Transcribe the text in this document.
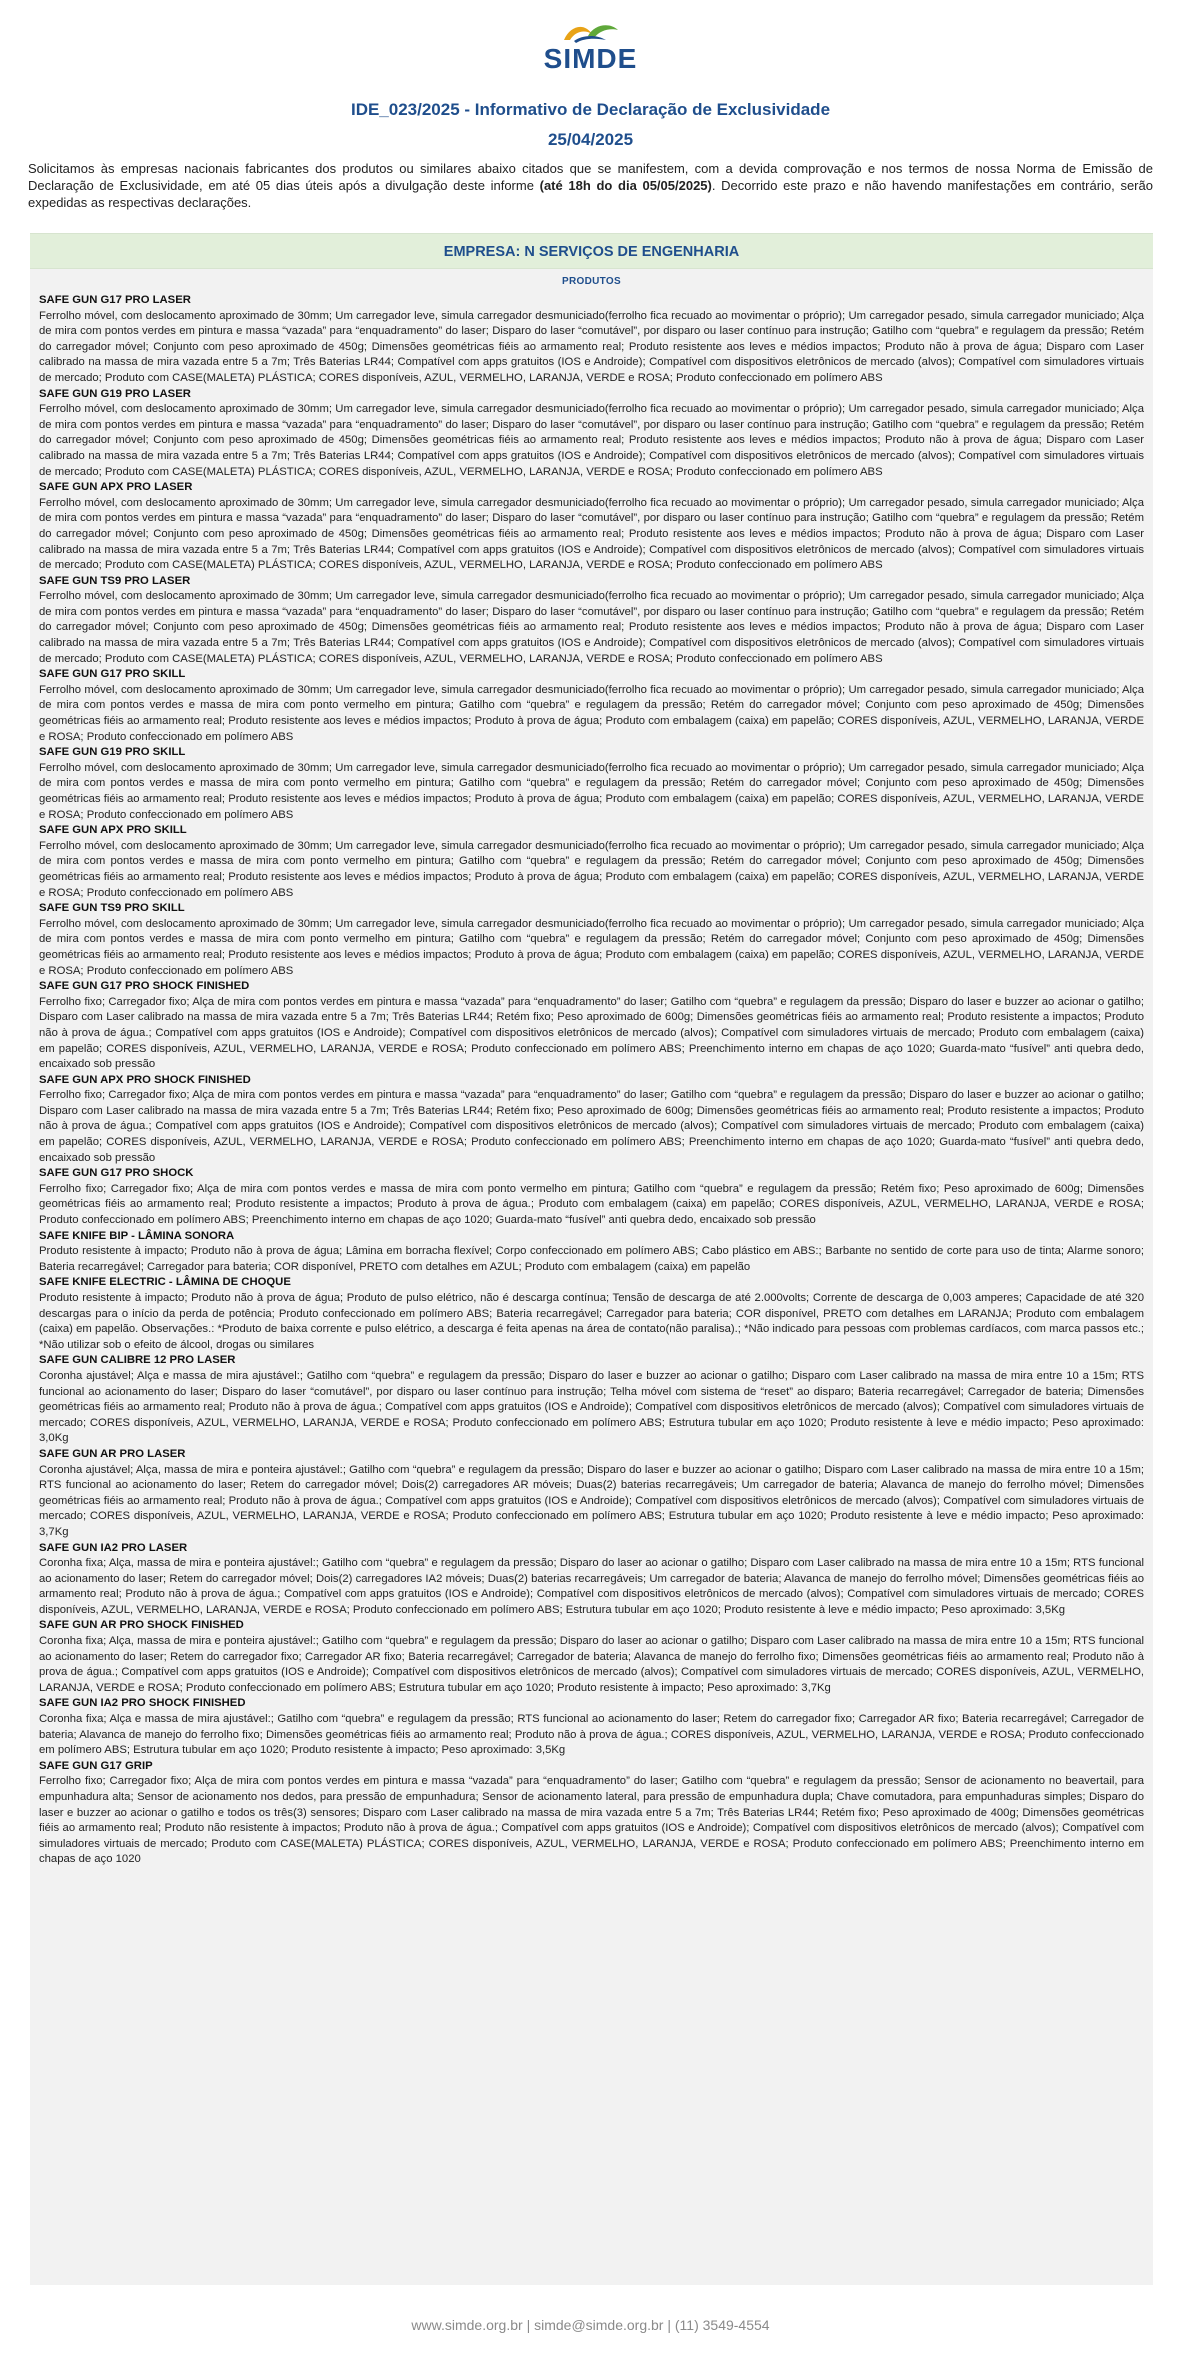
SIMDE
IDE_023/2025 - Informativo de Declaração de Exclusividade
25/04/2025
Solicitamos às empresas nacionais fabricantes dos produtos ou similares abaixo citados que se manifestem, com a devida comprovação e nos termos de nossa Norma de Emissão de Declaração de Exclusividade, em até 05 dias úteis após a divulgação deste informe (até 18h do dia 05/05/2025). Decorrido este prazo e não havendo manifestações em contrário, serão expedidas as respectivas declarações.
EMPRESA: N SERVIÇOS DE ENGENHARIA
PRODUTOS
SAFE GUN G17 PRO LASER
Ferrolho móvel, com deslocamento aproximado de 30mm; Um carregador leve, simula carregador desmuniciado(ferrolho fica recuado ao movimentar o próprio); Um carregador pesado, simula carregador municiado; Alça de mira com pontos verdes em pintura e massa “vazada” para “enquadramento” do laser; Disparo do laser “comutável”, por disparo ou laser contínuo para instrução; Gatilho com “quebra” e regulagem da pressão; Retém do carregador móvel; Conjunto com peso aproximado de 450g; Dimensões geométricas fiéis ao armamento real; Produto resistente aos leves e médios impactos; Produto não à prova de água; Disparo com Laser calibrado na massa de mira vazada entre 5 a 7m; Três Baterias LR44; Compatível com apps gratuitos (IOS e Androide); Compatível com dispositivos eletrônicos de mercado (alvos); Compatível com simuladores virtuais de mercado; Produto com CASE(MALETA) PLÁSTICA; CORES disponíveis, AZUL, VERMELHO, LARANJA, VERDE e ROSA; Produto confeccionado em polímero ABS
SAFE GUN G19 PRO LASER
Ferrolho móvel, com deslocamento aproximado de 30mm; Um carregador leve, simula carregador desmuniciado(ferrolho fica recuado ao movimentar o próprio); Um carregador pesado, simula carregador municiado; Alça de mira com pontos verdes em pintura e massa “vazada” para “enquadramento” do laser; Disparo do laser “comutável”, por disparo ou laser contínuo para instrução; Gatilho com “quebra” e regulagem da pressão; Retém do carregador móvel; Conjunto com peso aproximado de 450g; Dimensões geométricas fiéis ao armamento real; Produto resistente aos leves e médios impactos; Produto não à prova de água; Disparo com Laser calibrado na massa de mira vazada entre 5 a 7m; Três Baterias LR44; Compatível com apps gratuitos (IOS e Androide); Compatível com dispositivos eletrônicos de mercado (alvos); Compatível com simuladores virtuais de mercado; Produto com CASE(MALETA) PLÁSTICA; CORES disponíveis, AZUL, VERMELHO, LARANJA, VERDE e ROSA; Produto confeccionado em polímero ABS
SAFE GUN APX PRO LASER
Ferrolho móvel, com deslocamento aproximado de 30mm; Um carregador leve, simula carregador desmuniciado(ferrolho fica recuado ao movimentar o próprio); Um carregador pesado, simula carregador municiado; Alça de mira com pontos verdes em pintura e massa “vazada” para “enquadramento” do laser; Disparo do laser “comutável”, por disparo ou laser contínuo para instrução; Gatilho com “quebra” e regulagem da pressão; Retém do carregador móvel; Conjunto com peso aproximado de 450g; Dimensões geométricas fiéis ao armamento real; Produto resistente aos leves e médios impactos; Produto não à prova de água; Disparo com Laser calibrado na massa de mira vazada entre 5 a 7m; Três Baterias LR44; Compatível com apps gratuitos (IOS e Androide); Compatível com dispositivos eletrônicos de mercado (alvos); Compatível com simuladores virtuais de mercado; Produto com CASE(MALETA) PLÁSTICA; CORES disponíveis, AZUL, VERMELHO, LARANJA, VERDE e ROSA; Produto confeccionado em polímero ABS
SAFE GUN TS9 PRO LASER
Ferrolho móvel, com deslocamento aproximado de 30mm; Um carregador leve, simula carregador desmuniciado(ferrolho fica recuado ao movimentar o próprio); Um carregador pesado, simula carregador municiado; Alça de mira com pontos verdes em pintura e massa “vazada” para “enquadramento” do laser; Disparo do laser “comutável”, por disparo ou laser contínuo para instrução; Gatilho com “quebra” e regulagem da pressão; Retém do carregador móvel; Conjunto com peso aproximado de 450g; Dimensões geométricas fiéis ao armamento real; Produto resistente aos leves e médios impactos; Produto não à prova de água; Disparo com Laser calibrado na massa de mira vazada entre 5 a 7m; Três Baterias LR44; Compatível com apps gratuitos (IOS e Androide); Compatível com dispositivos eletrônicos de mercado (alvos); Compatível com simuladores virtuais de mercado; Produto com CASE(MALETA) PLÁSTICA; CORES disponíveis, AZUL, VERMELHO, LARANJA, VERDE e ROSA; Produto confeccionado em polímero ABS
SAFE GUN G17 PRO SKILL
Ferrolho móvel, com deslocamento aproximado de 30mm; Um carregador leve, simula carregador desmuniciado(ferrolho fica recuado ao movimentar o próprio); Um carregador pesado, simula carregador municiado; Alça de mira com pontos verdes e massa de mira com ponto vermelho em pintura; Gatilho com “quebra” e regulagem da pressão; Retém do carregador móvel; Conjunto com peso aproximado de 450g; Dimensões geométricas fiéis ao armamento real; Produto resistente aos leves e médios impactos; Produto à prova de água; Produto com embalagem (caixa) em papelão; CORES disponíveis, AZUL, VERMELHO, LARANJA, VERDE e ROSA; Produto confeccionado em polímero ABS
SAFE GUN G19 PRO SKILL
Ferrolho móvel, com deslocamento aproximado de 30mm; Um carregador leve, simula carregador desmuniciado(ferrolho fica recuado ao movimentar o próprio); Um carregador pesado, simula carregador municiado; Alça de mira com pontos verdes e massa de mira com ponto vermelho em pintura; Gatilho com “quebra” e regulagem da pressão; Retém do carregador móvel; Conjunto com peso aproximado de 450g; Dimensões geométricas fiéis ao armamento real; Produto resistente aos leves e médios impactos; Produto à prova de água; Produto com embalagem (caixa) em papelão; CORES disponíveis, AZUL, VERMELHO, LARANJA, VERDE e ROSA; Produto confeccionado em polímero ABS
SAFE GUN APX PRO SKILL
Ferrolho móvel, com deslocamento aproximado de 30mm; Um carregador leve, simula carregador desmuniciado(ferrolho fica recuado ao movimentar o próprio); Um carregador pesado, simula carregador municiado; Alça de mira com pontos verdes e massa de mira com ponto vermelho em pintura; Gatilho com “quebra” e regulagem da pressão; Retém do carregador móvel; Conjunto com peso aproximado de 450g; Dimensões geométricas fiéis ao armamento real; Produto resistente aos leves e médios impactos; Produto à prova de água; Produto com embalagem (caixa) em papelão; CORES disponíveis, AZUL, VERMELHO, LARANJA, VERDE e ROSA; Produto confeccionado em polímero ABS
SAFE GUN TS9 PRO SKILL
Ferrolho móvel, com deslocamento aproximado de 30mm; Um carregador leve, simula carregador desmuniciado(ferrolho fica recuado ao movimentar o próprio); Um carregador pesado, simula carregador municiado; Alça de mira com pontos verdes e massa de mira com ponto vermelho em pintura; Gatilho com “quebra” e regulagem da pressão; Retém do carregador móvel; Conjunto com peso aproximado de 450g; Dimensões geométricas fiéis ao armamento real; Produto resistente aos leves e médios impactos; Produto à prova de água; Produto com embalagem (caixa) em papelão; CORES disponíveis, AZUL, VERMELHO, LARANJA, VERDE e ROSA; Produto confeccionado em polímero ABS
SAFE GUN G17 PRO SHOCK FINISHED
Ferrolho fixo; Carregador fixo; Alça de mira com pontos verdes em pintura e massa “vazada” para “enquadramento” do laser; Gatilho com “quebra” e regulagem da pressão; Disparo do laser e buzzer ao acionar o gatilho; Disparo com Laser calibrado na massa de mira vazada entre 5 a 7m; Três Baterias LR44; Retém fixo; Peso aproximado de 600g; Dimensões geométricas fiéis ao armamento real; Produto resistente a impactos; Produto não à prova de água.; Compatível com apps gratuitos (IOS e Androide); Compatível com dispositivos eletrônicos de mercado (alvos); Compatível com simuladores virtuais de mercado; Produto com embalagem (caixa) em papelão; CORES disponíveis, AZUL, VERMELHO, LARANJA, VERDE e ROSA; Produto confeccionado em polímero ABS; Preenchimento interno em chapas de aço 1020; Guarda-mato “fusível” anti quebra dedo, encaixado sob pressão
SAFE GUN APX PRO SHOCK FINISHED
Ferrolho fixo; Carregador fixo; Alça de mira com pontos verdes em pintura e massa “vazada” para “enquadramento” do laser; Gatilho com “quebra” e regulagem da pressão; Disparo do laser e buzzer ao acionar o gatilho; Disparo com Laser calibrado na massa de mira vazada entre 5 a 7m; Três Baterias LR44; Retém fixo; Peso aproximado de 600g; Dimensões geométricas fiéis ao armamento real; Produto resistente a impactos; Produto não à prova de água.; Compatível com apps gratuitos (IOS e Androide); Compatível com dispositivos eletrônicos de mercado (alvos); Compatível com simuladores virtuais de mercado; Produto com embalagem (caixa) em papelão; CORES disponíveis, AZUL, VERMELHO, LARANJA, VERDE e ROSA; Produto confeccionado em polímero ABS; Preenchimento interno em chapas de aço 1020; Guarda-mato “fusível” anti quebra dedo, encaixado sob pressão
SAFE GUN G17 PRO SHOCK
Ferrolho fixo; Carregador fixo; Alça de mira com pontos verdes e massa de mira com ponto vermelho em pintura; Gatilho com “quebra” e regulagem da pressão; Retém fixo; Peso aproximado de 600g; Dimensões geométricas fiéis ao armamento real; Produto resistente a impactos; Produto à prova de água.; Produto com embalagem (caixa) em papelão; CORES disponíveis, AZUL, VERMELHO, LARANJA, VERDE e ROSA; Produto confeccionado em polímero ABS; Preenchimento interno em chapas de aço 1020; Guarda-mato “fusível” anti quebra dedo, encaixado sob pressão
SAFE KNIFE BIP - LÂMINA SONORA
Produto resistente à impacto; Produto não à prova de água; Lâmina em borracha flexível; Corpo confeccionado em polímero ABS; Cabo plástico em ABS:; Barbante no sentido de corte para uso de tinta; Alarme sonoro; Bateria recarregável; Carregador para bateria; COR disponível, PRETO com detalhes em AZUL; Produto com embalagem (caixa) em papelão
SAFE KNIFE ELECTRIC - LÂMINA DE CHOQUE
Produto resistente à impacto; Produto não à prova de água; Produto de pulso elétrico, não é descarga contínua; Tensão de descarga de até 2.000volts; Corrente de descarga de 0,003 amperes; Capacidade de até 320 descargas para o início da perda de potência; Produto confeccionado em polímero ABS; Bateria recarregável; Carregador para bateria; COR disponível, PRETO com detalhes em LARANJA; Produto com embalagem (caixa) em papelão. Observações.: *Produto de baixa corrente e pulso elétrico, a descarga é feita apenas na área de contato(não paralisa).; *Não indicado para pessoas com problemas cardíacos, com marca passos etc.; *Não utilizar sob o efeito de álcool, drogas ou similares
SAFE GUN CALIBRE 12 PRO LASER
Coronha ajustável; Alça e massa de mira ajustável:; Gatilho com “quebra” e regulagem da pressão; Disparo do laser e buzzer ao acionar o gatilho; Disparo com Laser calibrado na massa de mira entre 10 a 15m; RTS funcional ao acionamento do laser; Disparo do laser “comutável”, por disparo ou laser contínuo para instrução; Telha móvel com sistema de “reset” ao disparo; Bateria recarregável; Carregador de bateria; Dimensões geométricas fiéis ao armamento real; Produto não à prova de água.; Compatível com apps gratuitos (IOS e Androide); Compatível com dispositivos eletrônicos de mercado (alvos); Compatível com simuladores virtuais de mercado; CORES disponíveis, AZUL, VERMELHO, LARANJA, VERDE e ROSA; Produto confeccionado em polímero ABS; Estrutura tubular em aço 1020; Produto resistente à leve e médio impacto; Peso aproximado: 3,0Kg
SAFE GUN AR PRO LASER
Coronha ajustável; Alça, massa de mira e ponteira ajustável:; Gatilho com “quebra” e regulagem da pressão; Disparo do laser e buzzer ao acionar o gatilho; Disparo com Laser calibrado na massa de mira entre 10 a 15m; RTS funcional ao acionamento do laser; Retem do carregador móvel; Dois(2) carregadores AR móveis; Duas(2) baterias recarregáveis; Um carregador de bateria; Alavanca de manejo do ferrolho móvel; Dimensões geométricas fiéis ao armamento real; Produto não à prova de água.; Compatível com apps gratuitos (IOS e Androide); Compatível com dispositivos eletrônicos de mercado (alvos); Compatível com simuladores virtuais de mercado; CORES disponíveis, AZUL, VERMELHO, LARANJA, VERDE e ROSA; Produto confeccionado em polímero ABS; Estrutura tubular em aço 1020; Produto resistente à leve e médio impacto; Peso aproximado: 3,7Kg
SAFE GUN IA2 PRO LASER
Coronha fixa; Alça, massa de mira e ponteira ajustável:; Gatilho com “quebra” e regulagem da pressão; Disparo do laser ao acionar o gatilho; Disparo com Laser calibrado na massa de mira entre 10 a 15m; RTS funcional ao acionamento do laser; Retem do carregador móvel; Dois(2) carregadores IA2 móveis; Duas(2) baterias recarregáveis; Um carregador de bateria; Alavanca de manejo do ferrolho móvel; Dimensões geométricas fiéis ao armamento real; Produto não à prova de água.; Compatível com apps gratuitos (IOS e Androide); Compatível com dispositivos eletrônicos de mercado (alvos); Compatível com simuladores virtuais de mercado; CORES disponíveis, AZUL, VERMELHO, LARANJA, VERDE e ROSA; Produto confeccionado em polímero ABS; Estrutura tubular em aço 1020; Produto resistente à leve e médio impacto; Peso aproximado: 3,5Kg
SAFE GUN AR PRO SHOCK FINISHED
Coronha fixa; Alça, massa de mira e ponteira ajustável:; Gatilho com “quebra” e regulagem da pressão; Disparo do laser ao acionar o gatilho; Disparo com Laser calibrado na massa de mira entre 10 a 15m; RTS funcional ao acionamento do laser; Retem do carregador fixo; Carregador AR fixo; Bateria recarregável; Carregador de bateria; Alavanca de manejo do ferrolho fixo; Dimensões geométricas fiéis ao armamento real; Produto não à prova de água.; Compatível com apps gratuitos (IOS e Androide); Compatível com dispositivos eletrônicos de mercado (alvos); Compatível com simuladores virtuais de mercado; CORES disponíveis, AZUL, VERMELHO, LARANJA, VERDE e ROSA; Produto confeccionado em polímero ABS; Estrutura tubular em aço 1020; Produto resistente à impacto; Peso aproximado: 3,7Kg
SAFE GUN IA2 PRO SHOCK FINISHED
Coronha fixa; Alça e massa de mira ajustável:; Gatilho com “quebra” e regulagem da pressão; RTS funcional ao acionamento do laser; Retem do carregador fixo; Carregador AR fixo; Bateria recarregável; Carregador de bateria; Alavanca de manejo do ferrolho fixo; Dimensões geométricas fiéis ao armamento real; Produto não à prova de água.; CORES disponíveis, AZUL, VERMELHO, LARANJA, VERDE e ROSA; Produto confeccionado em polímero ABS; Estrutura tubular em aço 1020; Produto resistente à impacto; Peso aproximado: 3,5Kg
SAFE GUN G17 GRIP
Ferrolho fixo; Carregador fixo; Alça de mira com pontos verdes em pintura e massa “vazada” para “enquadramento” do laser; Gatilho com “quebra” e regulagem da pressão; Sensor de acionamento no beavertail, para empunhadura alta; Sensor de acionamento nos dedos, para pressão de empunhadura; Sensor de acionamento lateral, para pressão de empunhadura dupla; Chave comutadora, para empunhaduras simples; Disparo do laser e buzzer ao acionar o gatilho e todos os três(3) sensores; Disparo com Laser calibrado na massa de mira vazada entre 5 a 7m; Três Baterias LR44; Retém fixo; Peso aproximado de 400g; Dimensões geométricas fiéis ao armamento real; Produto não resistente à impactos; Produto não à prova de água.; Compatível com apps gratuitos (IOS e Androide); Compatível com dispositivos eletrônicos de mercado (alvos); Compatível com simuladores virtuais de mercado; Produto com CASE(MALETA) PLÁSTICA; CORES disponíveis, AZUL, VERMELHO, LARANJA, VERDE e ROSA; Produto confeccionado em polímero ABS; Preenchimento interno em chapas de aço 1020
www.simde.org.br | simde@simde.org.br | (11) 3549-4554
